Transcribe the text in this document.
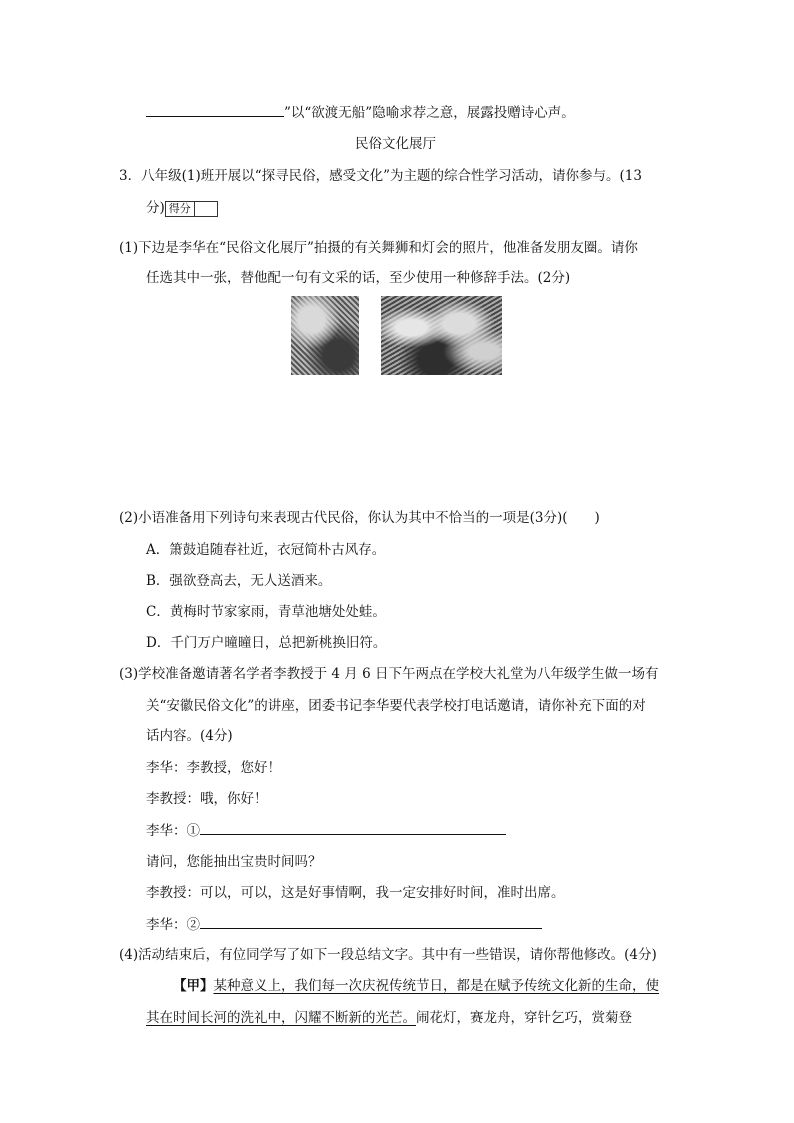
”以“欲渡无船”隐喻求荐之意，展露投赠诗心声。
民俗文化展厅
3．八年级(1)班开展以“探寻民俗，感受文化”为主题的综合性学习活动，请你参与。(13
分) 得分
(1)下边是李华在“民俗文化展厅”拍摄的有关舞狮和灯会的照片，他准备发朋友圈。请你
任选其中一张，替他配一句有文采的话，至少使用一种修辞手法。(2分)
(2)小语准备用下列诗句来表现古代民俗，你认为其中不恰当的一项是(3分)(　　)
A．箫鼓追随春社近，衣冠简朴古风存。
B．强欲登高去，无人送酒来。
C．黄梅时节家家雨，青草池塘处处蛙。
D．千门万户曈曈日，总把新桃换旧符。
(3)学校准备邀请著名学者李教授于 4 月 6 日下午两点在学校大礼堂为八年级学生做一场有
关“安徽民俗文化”的讲座，团委书记李华要代表学校打电话邀请，请你补充下面的对
话内容。(4分)
李华：李教授，您好！
李教授：哦，你好！
李华：①
请问，您能抽出宝贵时间吗？
李教授：可以，可以，这是好事情啊，我一定安排好时间，准时出席。
李华：②
(4)活动结束后，有位同学写了如下一段总结文字。其中有一些错误，请你帮他修改。(4分)
【甲】某种意义上，我们每一次庆祝传统节日，都是在赋予传统文化新的生命，使
其在时间长河的洗礼中，闪耀不断新的光芒。闹花灯，赛龙舟，穿针乞巧，赏菊登
